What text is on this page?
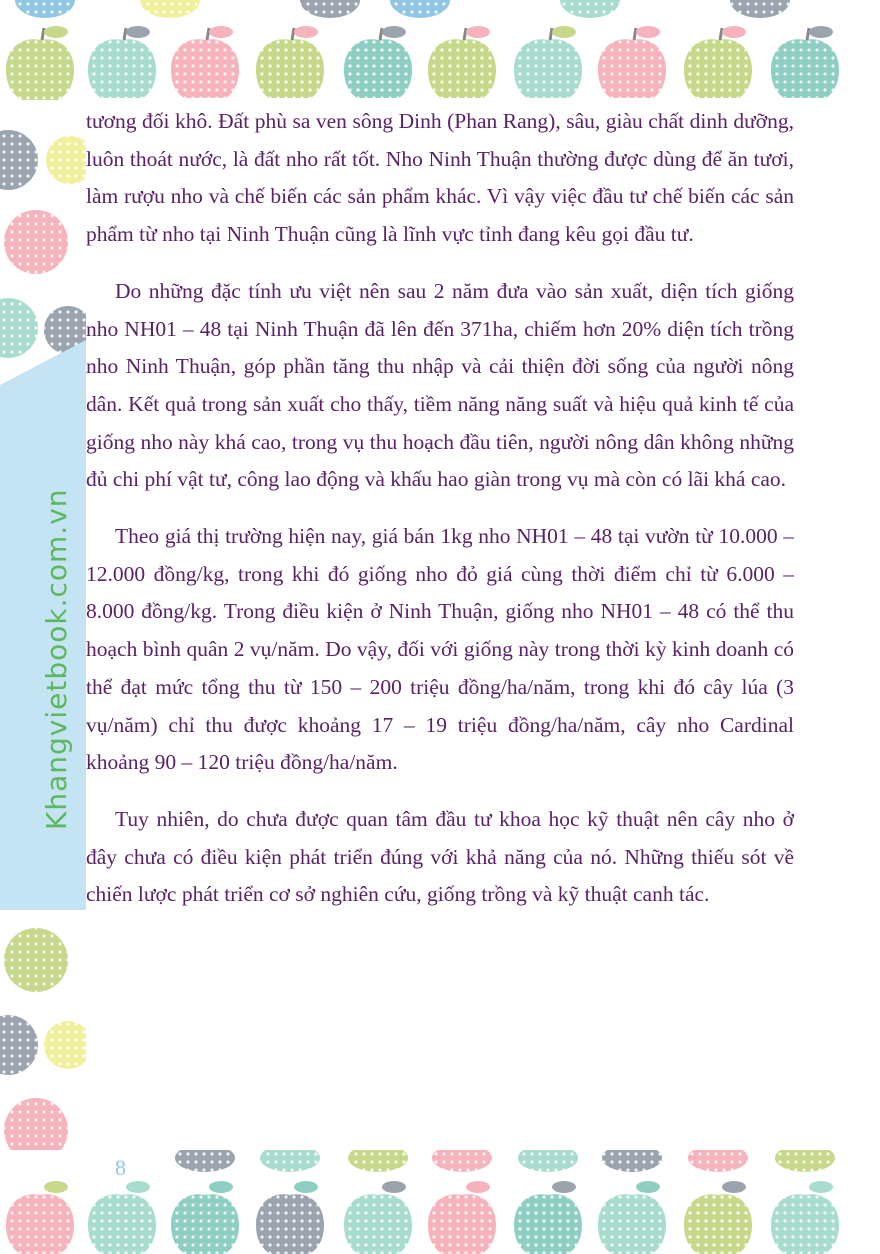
Khangvietbook.com.vn

tương đối khô. Đất phù sa ven sông Dinh (Phan Rang), sâu, giàu chất dinh dưỡng, luôn thoát nước, là đất nho rất tốt. Nho Ninh Thuận thường được dùng để ăn tươi, làm rượu nho và chế biến các sản phẩm khác. Vì vậy việc đầu tư chế biến các sản phẩm từ nho tại Ninh Thuận cũng là lĩnh vực tỉnh đang kêu gọi đầu tư.

Do những đặc tính ưu việt nên sau 2 năm đưa vào sản xuất, diện tích giống nho NH01 – 48 tại Ninh Thuận đã lên đến 371ha, chiếm hơn 20% diện tích trồng nho Ninh Thuận, góp phần tăng thu nhập và cải thiện đời sống của người nông dân. Kết quả trong sản xuất cho thấy, tiềm năng năng suất và hiệu quả kinh tế của giống nho này khá cao, trong vụ thu hoạch đầu tiên, người nông dân không những đủ chi phí vật tư, công lao động và khấu hao giàn trong vụ mà còn có lãi khá cao.

Theo giá thị trường hiện nay, giá bán 1kg nho NH01 – 48 tại vườn từ 10.000 – 12.000 đồng/kg, trong khi đó giống nho đỏ giá cùng thời điểm chỉ từ 6.000 – 8.000 đồng/kg. Trong điều kiện ở Ninh Thuận, giống nho NH01 – 48 có thể thu hoạch bình quân 2 vụ/năm. Do vậy, đối với giống này trong thời kỳ kinh doanh có thể đạt mức tổng thu từ 150 – 200 triệu đồng/ha/năm, trong khi đó cây lúa (3 vụ/năm) chỉ thu được khoảng 17 – 19 triệu đồng/ha/năm, cây nho Cardinal khoảng 90 – 120 triệu đồng/ha/năm.

Tuy nhiên, do chưa được quan tâm đầu tư khoa học kỹ thuật nên cây nho ở đây chưa có điều kiện phát triển đúng với khả năng của nó. Những thiếu sót về chiến lược phát triển cơ sở nghiên cứu, giống trồng và kỹ thuật canh tác.

8
